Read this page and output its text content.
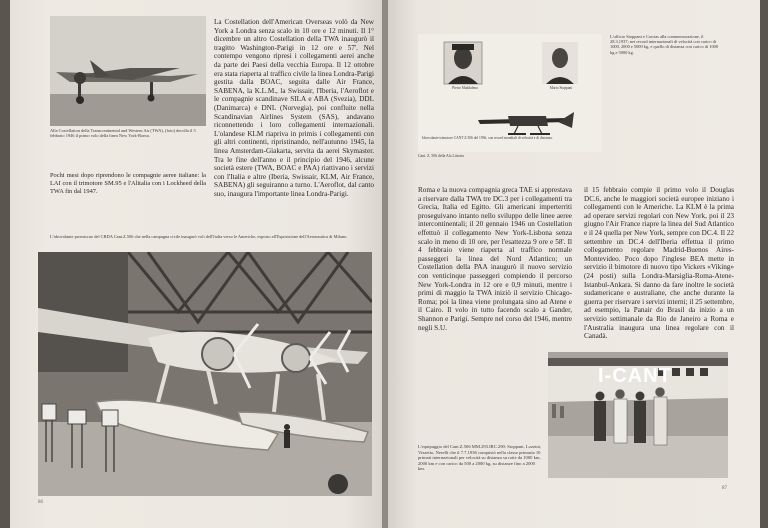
La Costellation dell'American Overseas volò da New York a Londra senza scalo in 10 ore e 12 minuti. Il 1° dicembre un altro Costellation della TWA inaugurò il tragitto Washington-Parigi in 12 ore e 57'. Nel contempo vengono ripresi i collegamenti aerei anche da parte dei Paesi della vecchia Europa. Il 12 ottobre era stata riaperta al traffico civile la linea Londra-Parigi gestita dalla BOAC, seguita dalle Air France, SABENA, la K.L.M., la Swissair, l'Iberia, l'Aeroflot e le compagnie scandinave SILA e ABA (Svezia), DDL (Danimarca) e DNL (Norvegia), poi confluite nella Scandinavian Airlines System (SAS), andavano riconnettendo i loro collegamenti internazionali. L'olandese KLM riapriva in primis i collegamenti con gli altri continenti, ripristinando, nell'autunno 1945, la linea Amsterdam-Giakarta, servita da aerei Skymaster. Tra le fine dell'anno e il principio del 1946, alcune società estere (TWA, BOAC e PAA) riattivano i servizi con l'Italia e altre (Iberia, Swissair, KLM, Air France, SABENA) gli seguiranno a turno. L'Aeroflot, dal canto suo, inaugura l'importante linea Londra-Parigi.

Alla Costellation della Transcontinental and Western Air (TWA), (foto) decolla il 5 febbraio 1946 il primo volo della linea New York-Roma.

Pochi mesi dopo riprendono le compagnie aeree italiane: la LAI con il trimotore SM.95 e l'Alitalia con i Lockheed della TWA fin dal 1947.

L'idrovolante promiscuo del CRDA Cant.Z.506 che nella campagna civile inaugurò voli dell'Italia verso le Americhe, esposto all'Esposizione dell'Aeronautica di Milano.

86
Pietro Maddalena	Mario Stoppani

Idrovolante trimotore CANT Z.506 del 1936, con record mondiali di velocità e di distanza.

Cant. Z. 506 della Ala Littoria

L'ufficio Stoppani e Corrias alla commemorazione, il 28.3.1937; nei record internazionali di velocità con carico di 1000, 2000 e 5000 kg, e quello di distanza con carico di 1000 kg e 5000 kg.

Roma e la nuova compagnia greca TAE si apprestava a riservare dalla TWA tre DC.3 per i collegamenti tra Grecia, Italia ed Egitto. Gli americani imperterriti proseguivano intanto nello sviluppo delle linee aeree intercontinentali; il 20 gennaio 1946 un Costellation effettuò il collegamento New York-Lisbona senza scalo in meno di 10 ore, per l'esattezza 9 ore e 58'. Il 4 febbraio viene riaperta al traffico normale passeggeri la linea del Nord Atlantico; un Costellation della PAA inaugurò il nuovo servizio con venticinque passeggeri compiendo il percorso New York-Londra in 12 ore e 0,9 minuti, mentre i primi di maggio la TWA iniziò il servizio Chicago-Roma; poi la linea viene prolungata sino ad Atene e il Cairo. Il volo in tutto facendo scalo a Gander, Shannon e Parigi. Sempre nel corso del 1946, mentre negli S.U.

il 15 febbraio compie il primo volo il Douglas DC.6, anche le maggiori società europee iniziano i collegamenti con le Americhe. La KLM è la prima ad operare servizi regolari con New York, poi il 23 giugno l'Air France riapre la linea del Sud Atlantico e il 24 quella per New York, sempre con DC.4. Il 22 settembre un DC.4 dell'Iberia effettua il primo collegamento regolare Madrid-Buenos Aires-Montevideo. Poco dopo l'inglese BEA mette in servizio il bimotore di nuovo tipo Vickers «Viking» (24 posti) sulla Londra-Marsiglia-Roma-Atene-Istanbul-Ankara. Si danno da fare inoltre le società sudamericane e australiane, che anche durante la guerra per riservare i servizi interni; il 25 settembre, ad esempio, la Panair do Brasil da inizio a un servizio settimanale da Rio de Janeiro a Roma e l'Australia inaugura una linea regolare con il Canadà.

I-CANT

L'equipaggio del Cant.Z.506 MM.293.IRC.290: Stoppani, Lozzini, Vizzetto, Nerelli che il 7.7.1936 conquistò nella classe primaria 10 primati internazionali per velocità su distanza su rotte da 1000 km, 2000 km e con carico da 500 a 2000 kg, su distanze fino a 2000 km.

87
